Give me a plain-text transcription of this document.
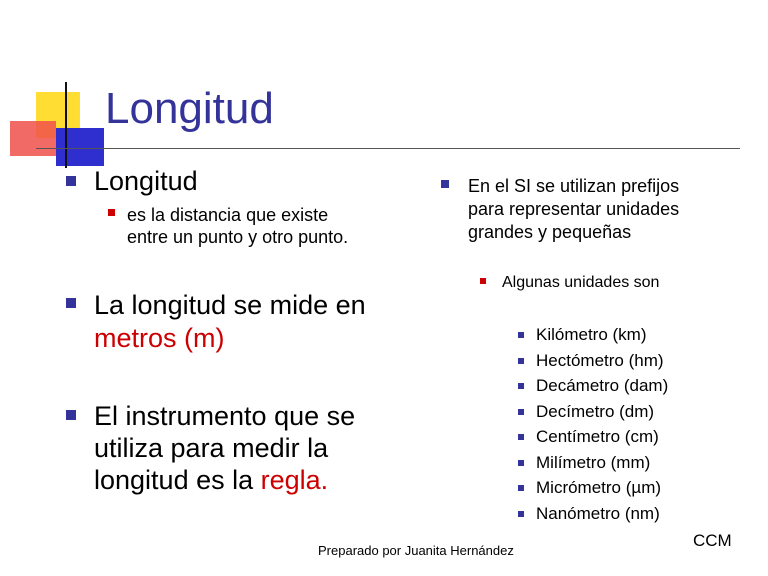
Longitud
Longitud
es la distancia que existe
entre un punto y otro punto.
La longitud se mide en
metros (m)
El instrumento que se
utiliza para medir la
longitud es la regla.
En el SI se utilizan prefijos
para representar unidades
grandes y pequeñas
Algunas unidades son
Kilómetro (km)
Hectómetro (hm)
Decámetro (dam)
Decímetro (dm)
Centímetro (cm)
Milímetro (mm)
Micrómetro (µm)
Nanómetro (nm)
Preparado por Juanita Hernández
CCM
